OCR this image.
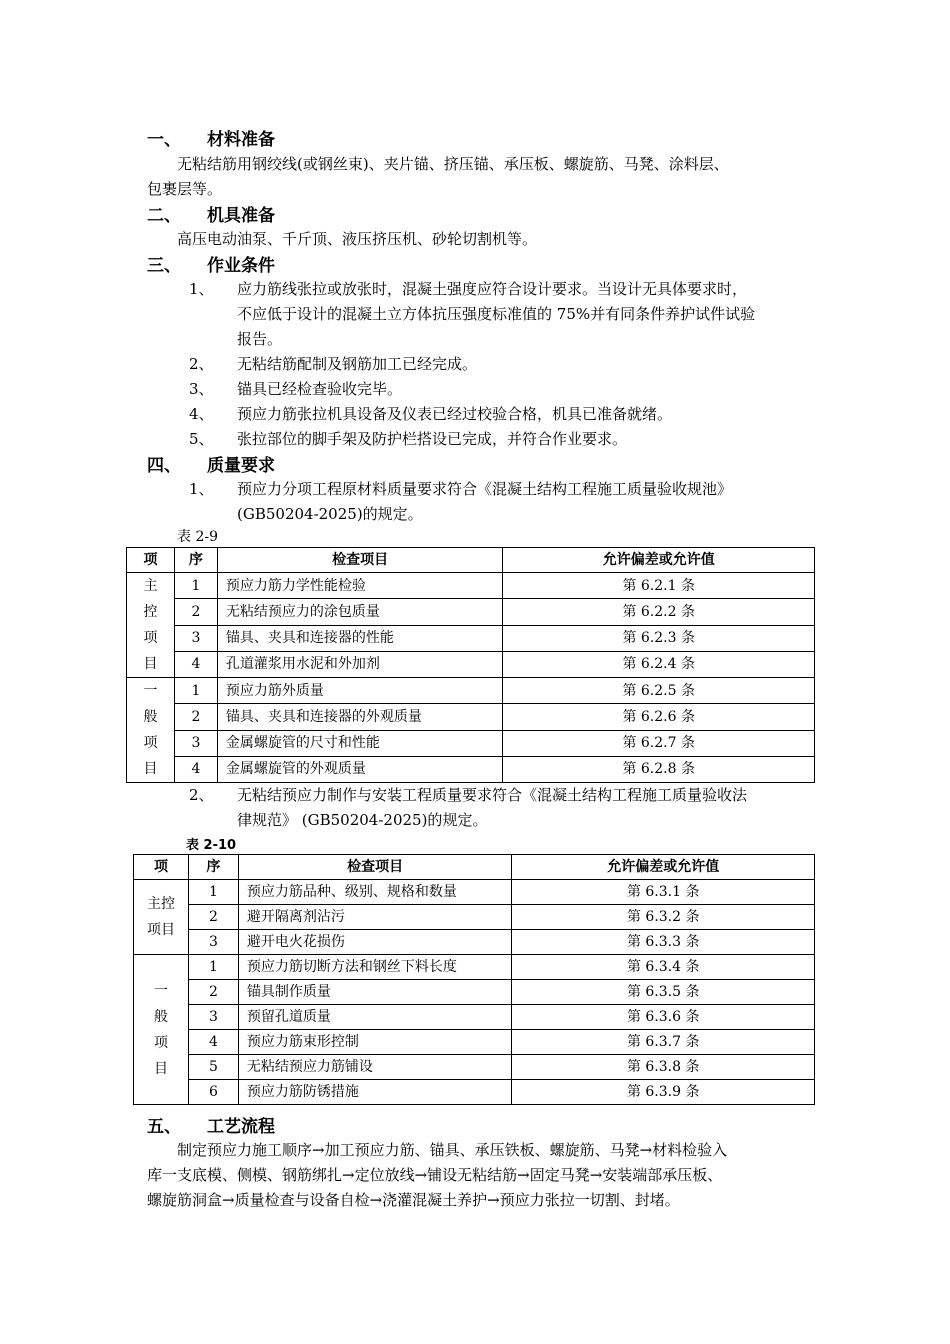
一、 材料准备
无粘结筋用钢绞线(或钢丝束)、夹片锚、挤压锚、承压板、螺旋筋、马凳、涂料层、
包裹层等。
二、 机具准备
高压电动油泵、千斤顶、液压挤压机、砂轮切割机等。
三、 作业条件
1、 应力筋线张拉或放张时，混凝土强度应符合设计要求。当设计无具体要求时，
不应低于设计的混凝土立方体抗压强度标准值的 75%并有同条件养护试件试验
报告。
2、 无粘结筋配制及钢筋加工已经完成。
3、 锚具已经检查验收完毕。
4、 预应力筋张拉机具设备及仪表已经过校验合格，机具已准备就绪。
5、 张拉部位的脚手架及防护栏搭设已完成，并符合作业要求。
四、 质量要求
1、 预应力分项工程原材料质量要求符合《混凝土结构工程施工质量验收规池》
(GB50204-2025)的规定。
表 2-9
项	序	检查项目	允许偏差或允许值
主控项目	1	预应力筋力学性能检验	第 6.2.1 条
	2	无粘结预应力的涂包质量	第 6.2.2 条
	3	锚具、夹具和连接器的性能	第 6.2.3 条
	4	孔道灌浆用水泥和外加剂	第 6.2.4 条
一般项目	1	预应力筋外质量	第 6.2.5 条
	2	锚具、夹具和连接器的外观质量	第 6.2.6 条
	3	金属螺旋管的尺寸和性能	第 6.2.7 条
	4	金属螺旋管的外观质量	第 6.2.8 条
2、 无粘结预应力制作与安装工程质量要求符合《混凝土结构工程施工质量验收法
律规范》 (GB50204-2025)的规定。
表 2-10
项	序	检查项目	允许偏差或允许值
主控项目	1	预应力筋品种、级别、规格和数量	第 6.3.1 条
	2	避开隔离剂沾污	第 6.3.2 条
	3	避开电火花损伤	第 6.3.3 条
一般项目	1	预应力筋切断方法和钢丝下料长度	第 6.3.4 条
	2	锚具制作质量	第 6.3.5 条
	3	预留孔道质量	第 6.3.6 条
	4	预应力筋束形控制	第 6.3.7 条
	5	无粘结预应力筋铺设	第 6.3.8 条
	6	预应力筋防锈措施	第 6.3.9 条
五、 工艺流程
制定预应力施工顺序→加工预应力筋、锚具、承压铁板、螺旋筋、马凳→材料检验入
库一支底模、侧模、钢筋绑扎→定位放线→铺设无粘结筋→固定马凳→安装端部承压板、
螺旋筋洞盒→质量检查与设备自检→浇灌混凝土养护→预应力张拉一切割、封堵。
